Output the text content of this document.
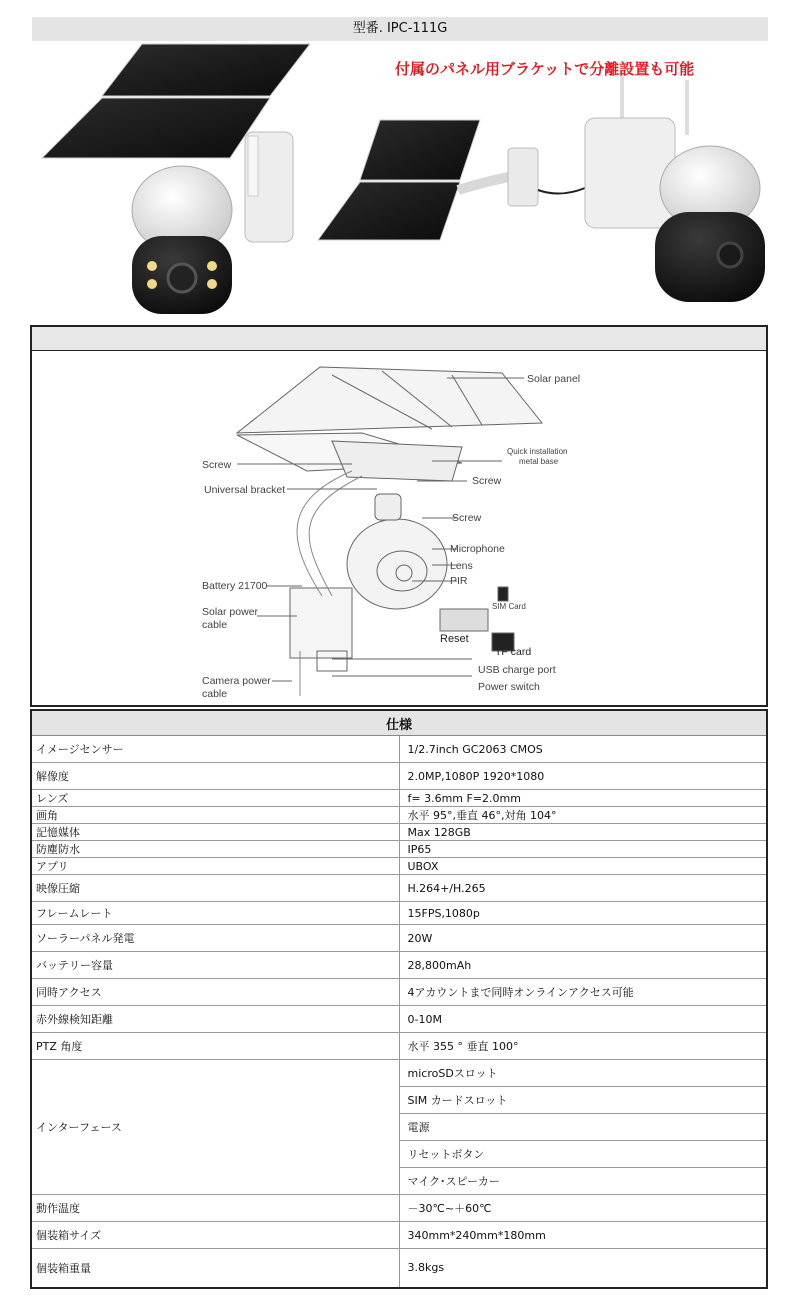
型番. IPC-111G
付属のパネル用ブラケットで分離設置も可能
Solar panel
Quick installation
metal base
Screw
Screw
Universal bracket
Screw
Microphone
Lens
PIR
Battery 21700
Solar power
cable
SIM Card
Reset
TF card
USB charge port
Camera power
cable
Power switch
仕様	
イメージセンサー	1/2.7inch GC2063 CMOS
解像度	2.0MP,1080P 1920*1080
レンズ	f= 3.6mm F=2.0mm
画角	水平 95°,垂直 46°,対角 104°
記憶媒体	Max 128GB
防塵防水	IP65
アプリ	UBOX
映像圧縮	H.264+/H.265
フレームレート	15FPS,1080p
ソーラーパネル発電	20W
バッテリー容量	28,800mAh
同時アクセス	4アカウントまで同時オンラインアクセス可能
赤外線検知距離	0-10M
PTZ 角度	水平 355 ° 垂直 100°
インターフェース	microSDスロット
	SIM カードスロット
	電源
	リセットボタン
	マイク･スピーカー
動作温度	－30℃~＋60℃
個装箱サイズ	340mm*240mm*180mm
個装箱重量	3.8kgs
